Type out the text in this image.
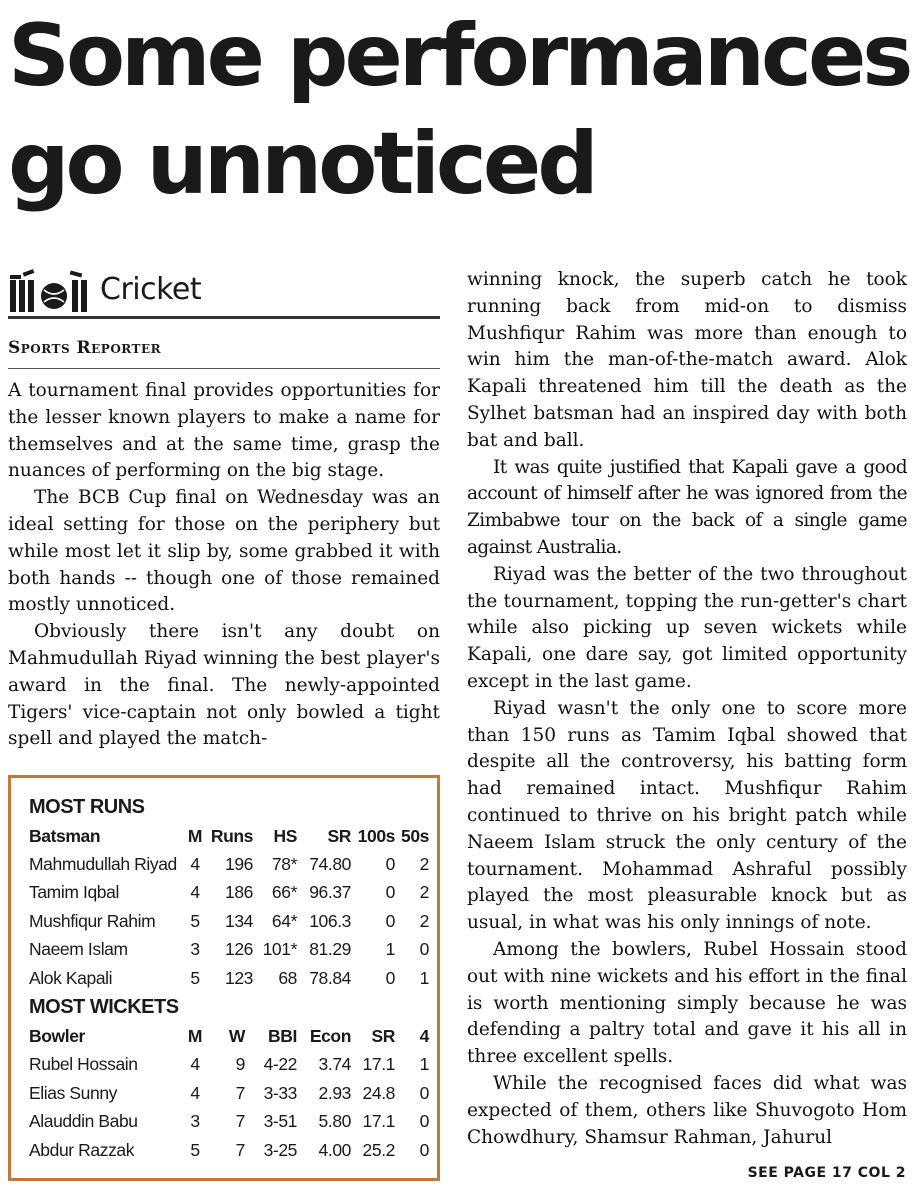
Some performances
go unnoticed
Cricket
Sports Reporter

A tournament final provides opportunities for the lesser known players to make a name for themselves and at the same time, grasp the nuances of performing on the big stage.

The BCB Cup final on Wednesday was an ideal setting for those on the periphery but while most let it slip by, some grabbed it with both hands -- though one of those remained mostly unnoticed.

Obviously there isn't any doubt on Mahmudullah Riyad winning the best player's award in the final. The newly-appointed Tigers' vice-captain not only bowled a tight spell and played the match-

winning knock, the superb catch he took running back from mid-on to dismiss Mushfiqur Rahim was more than enough to win him the man-of-the-match award. Alok Kapali threatened him till the death as the Sylhet batsman had an inspired day with both bat and ball.

It was quite justified that Kapali gave a good account of himself after he was ignored from the Zimbabwe tour on the back of a single game against Australia.

Riyad was the better of the two throughout the tournament, topping the run-getter's chart while also picking up seven wickets while Kapali, one dare say, got limited opportunity except in the last game.

Riyad wasn't the only one to score more than 150 runs as Tamim Iqbal showed that despite all the controversy, his batting form had remained intact. Mushfiqur Rahim continued to thrive on his bright patch while Naeem Islam struck the only century of the tournament. Mohammad Ashraful possibly played the most pleasurable knock but as usual, in what was his only innings of note.

Among the bowlers, Rubel Hossain stood out with nine wickets and his effort in the final is worth mentioning simply because he was defending a paltry total and gave it his all in three excellent spells.

While the recognised faces did what was expected of them, others like Shuvogoto Hom Chowdhury, Shamsur Rahman, Jahurul

MOST RUNS
Batsman	M	Runs	HS	SR	100s	50s
Mahmudullah Riyad	4	196	78*	74.80	0	2
Tamim Iqbal	4	186	66*	96.37	0	2
Mushfiqur Rahim	5	134	64*	106.3	0	2
Naeem Islam	3	126	101*	81.29	1	0
Alok Kapali	5	123	68	78.84	0	1
MOST WICKETS
Bowler	M	W	BBI	Econ	SR	4
Rubel Hossain	4	9	4-22	3.74	17.1	1
Elias Sunny	4	7	3-33	2.93	24.8	0
Alauddin Babu	3	7	3-51	5.80	17.1	0
Abdur Razzak	5	7	3-25	4.00	25.2	0
SEE PAGE 17 COL 2
